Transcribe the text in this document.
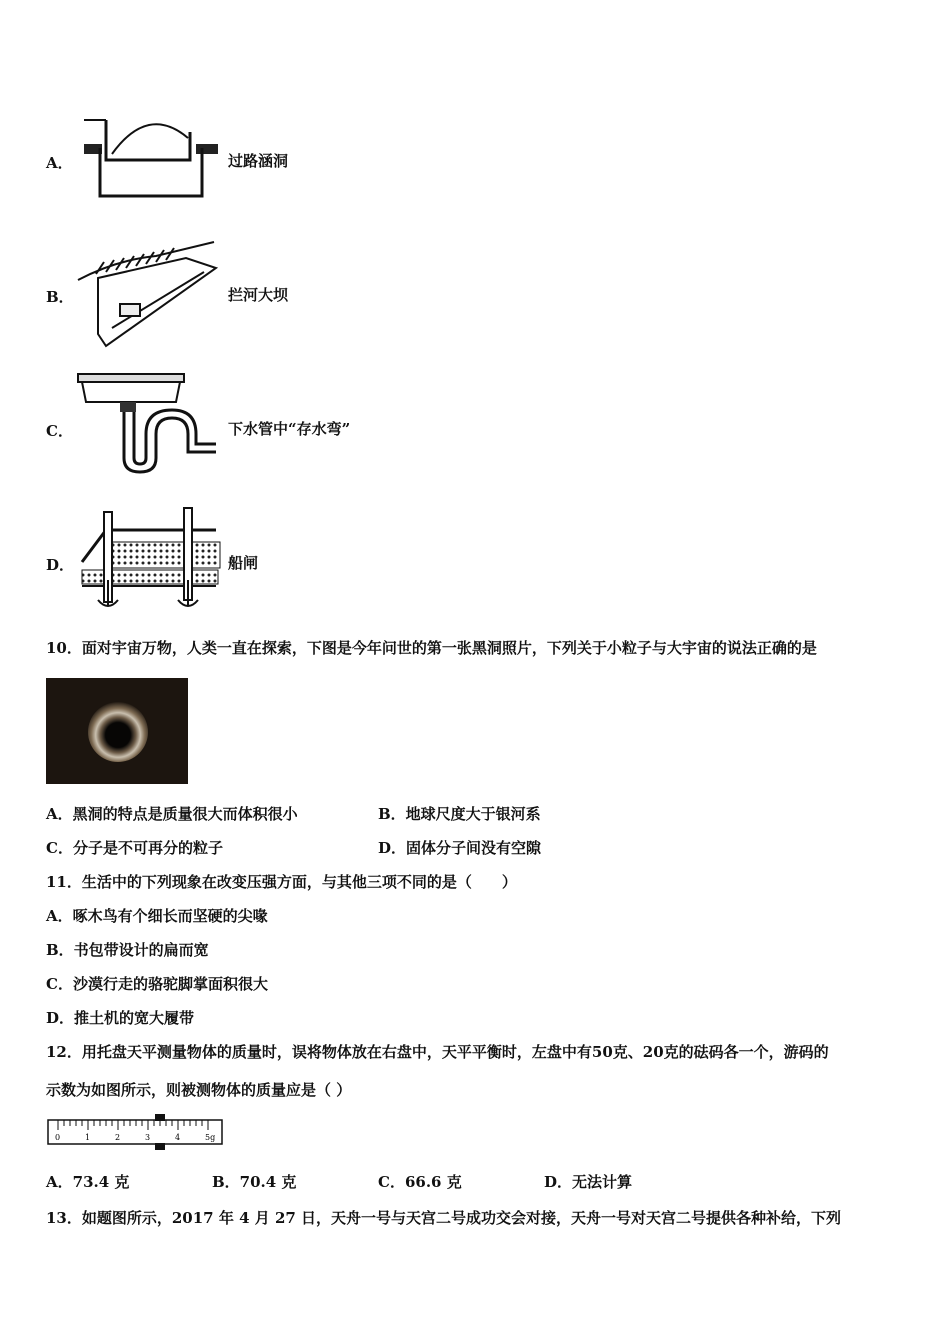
A．	过路涵洞
B．	拦河大坝
C．	下水管中“存水弯”
D．	船闸
10．面对宇宙万物，人类一直在探索，下图是今年问世的第一张黑洞照片，下列关于小粒子与大宇宙的说法正确的是
A．黑洞的特点是质量很大而体积很小	B．地球尺度大于银河系
C．分子是不可再分的粒子	D．固体分子间没有空隙
11．生活中的下列现象在改变压强方面，与其他三项不同的是（　　）
A．啄木鸟有个细长而坚硬的尖喙
B．书包带设计的扁而宽
C．沙漠行走的骆驼脚掌面积很大
D．推土机的宽大履带
12．用托盘天平测量物体的质量时，误将物体放在右盘中，天平平衡时，左盘中有50克、20克的砝码各一个，游码的
示数为如图所示，则被测物体的质量应是（ ）
0	1	2	3	4	5g
A．73.4 克	B．70.4 克	C．66.6 克	D．无法计算
13．如题图所示，2017 年 4 月 27 日，天舟一号与天宫二号成功交会对接，天舟一号对天宫二号提供各种补给，下列
